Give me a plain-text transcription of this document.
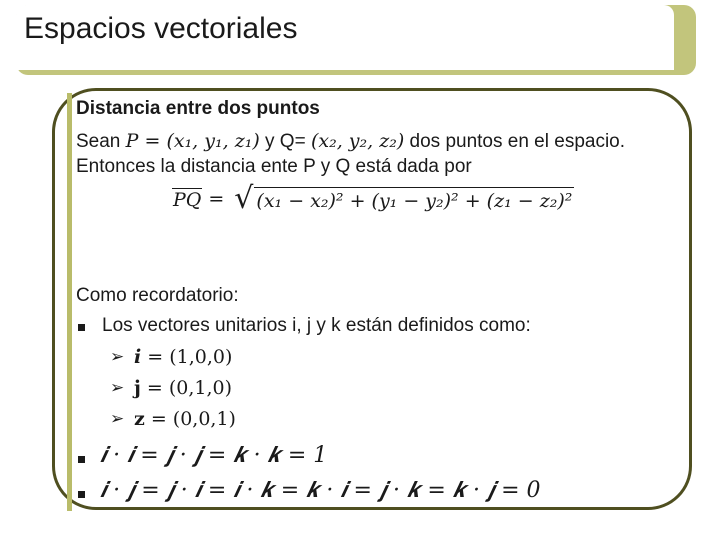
Espacios vectoriales
Distancia entre dos puntos
Sean P = (x₁, y₁, z₁) y Q= (x₂, y₂, z₂) dos puntos en el espacio.
Entonces la distancia ente P y Q está dada por
PQ = √ (x₁ − x₂)² + (y₁ − y₂)² + (z₁ − z₂)²
Como recordatorio:
Los vectores unitarios i, j y k están definidos como:
➢ i = (1,0,0)
➢ j = (0,1,0)
➢ z = (0,0,1)
𝒊 · 𝒊 = 𝒋 · 𝒋 = 𝒌 · 𝒌 = 1
𝒊 · 𝒋 = 𝒋 · 𝒊 = 𝒊 · 𝒌 = 𝒌 · 𝒊 = 𝒋 · 𝒌 = 𝒌 · 𝒋 = 0
